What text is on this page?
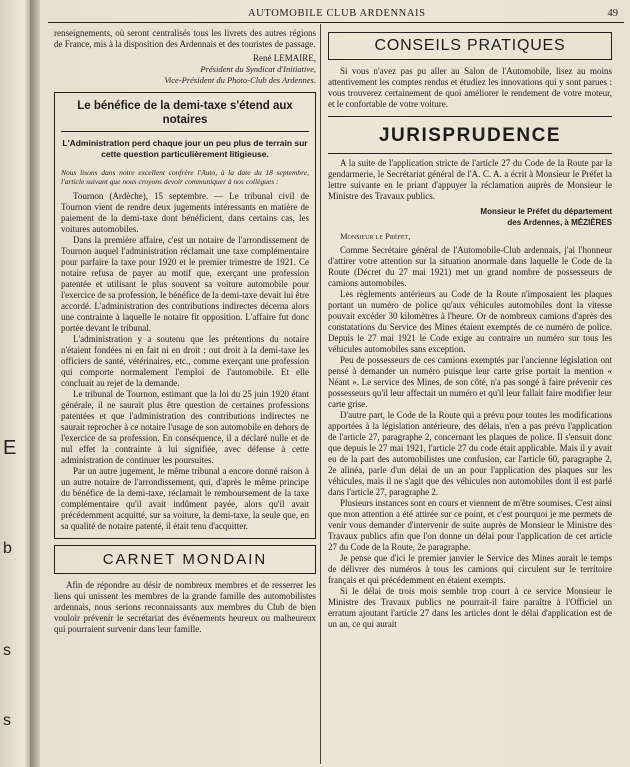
E
b
s
s
AUTOMOBILE CLUB ARDENNAIS	49

renseignements, où seront centralisés tous les livrets des autres régions de France, mis à la disposition des Ardennais et des touristes de passage.

René LEMAIRE,

Président du Syndicat d'Initiative,

Vice-Président du Photo-Club des Ardennes.

Le bénéfice de la demi-taxe s'étend aux notaires
L'Administration perd chaque jour un peu plus de terrain sur cette question particulièrement litigieuse.

Nous lisons dans notre excellent confrère l'Auto, à la date du 18 septembre, l'article suivant que nous croyons devoir communiquer à nos collègues :

Tournon (Ardèche), 15 septembre. — Le tribunal civil de Tournon vient de rendre deux jugements intéressants en matière de paiement de la demi-taxe dont bénéficient, dans certains cas, les voitures automobiles.

Dans la première affaire, c'est un notaire de l'arrondissement de Tournon auquel l'administration réclamait une taxe complémentaire pour parfaire la taxe pour 1920 et le premier trimestre de 1921. Ce notaire refusa de payer au motif que, exerçant une profession patentée et utilisant le plus souvent sa voiture automobile pour l'exercice de sa profession, le bénéfice de la demi-taxe devait lui être accordé. L'administration des contributions indirectes décerna alors une contrainte à laquelle le notaire fit opposition. L'affaire fut donc portée devant le tribunal.

L'administration y a soutenu que les prétentions du notaire n'étaient fondées ni en fait ni en droit ; out droit à la demi-taxe les officiers de santé, vétérinaires, etc., comme exerçant une profession qui comporte normalement l'emploi de l'automobile. Et elle concluait au rejet de la demande.

Le tribunal de Tournon, estimant que la loi du 25 juin 1920 étant générale, il ne saurait plus être question de certaines professions patentées et que l'administration des contributions indirectes ne saurait reprocher à ce notaire l'usage de son automobile en dehors de l'exercice de sa profession. En conséquence, il a déclaré nulle et de nul effet la contrainte à lui signifiée, avec défense à cette administration de continuer les poursuites.

Par un autre jugement, le même tribunal a encore donné raison à un autre notaire de l'arrondissement, qui, d'après le même principe du bénéfice de la demi-taxe, réclamait le remboursement de la taxe complémentaire qu'il avait indûment payée, alors qu'il avait précédemment acquitté, sur sa voiture, la demi-taxe, la seule que, en sa qualité de notaire patenté, il était tenu d'acquitter.

CARNET MONDAIN

Afin de répondre au désir de nombreux membres et de resserrer les liens qui unissent les membres de la grande famille des automobilistes ardennais, nous serions reconnaissants aux membres du Club de bien vouloir prévenir le secrétariat des événements heureux ou malheureux qui pourraient survenir dans leur famille.

CONSEILS PRATIQUES

Si vous n'avez pas pu aller au Salon de l'Automobile, lisez au moins attentivement les comptes rendus et étudiez les innovations qui y sont parues : vous trouverez certainement de quoi améliorer le rendement de votre moteur, et le confortable de votre voiture.

JURISPRUDENCE

A la suite de l'application stricte de l'article 27 du Code de la Route par la gendarmerie, le Secrétariat général de l'A. C. A. a écrit à Monsieur le Préfet la lettre suivante en le priant d'appuyer la réclamation auprès de Monsieur le Ministre des Travaux publics.

Monsieur le Préfet du département

des Ardennes, à MÉZIÈRES

Monsieur le Préfet,

Comme Secrétaire général de l'Automobile-Club ardennais, j'ai l'honneur d'attirer votre attention sur la situation anormale dans laquelle le Code de la Route (Décret du 27 mai 1921) met un grand nombre de possesseurs de camions automobiles.

Les règlements antérieurs au Code de la Route n'imposaient les plaques portant un numéro de police qu'aux véhicules automobiles dont la vitesse pouvait excéder 30 kilomètres à l'heure. Or de nombreux camions d'après des constatations du Service des Mines étaient exemptés de ce numéro de police. Depuis le 27 mai 1921 le Code exige au contraire un numéro sur tous les véhicules automobiles sans exception.

Peu de possesseurs de ces camions exemptés par l'ancienne législation ont pensé à demander un numéro puisque leur carte grise portait la mention « Néant ». Le service des Mines, de son côté, n'a pas songé à faire prévenir ces possesseurs qu'il leur affectait un numéro et qu'il leur fallait faire modifier leur carte grise.

D'autre part, le Code de la Route qui a prévu pour toutes les modifications apportées à la législation antérieure, des délais, n'en a pas prévu l'application de l'article 27, paragraphe 2, concernant les plaques de police. Il s'ensuit donc que depuis le 27 mai 1921, l'article 27 du code était applicable. Mais il y avait eu de la part des automobilistes une confusion, car l'article 60, paragraphe 2, 2e alinéa, parle d'un délai de un an pour l'application des plaques sur les véhicules, mais il ne s'agit que des véhicules non automobiles dont il est parlé dans l'article 27, paragraphe 2.

Plusieurs instances sont en cours et viennent de m'être soumises. C'est ainsi que mon attention a été attirée sur ce point, et c'est pourquoi je me permets de venir vous demander d'intervenir de suite auprès de Monsieur le Ministre des Travaux publics afin que l'on donne un délai pour l'application de cet article 27 du Code de la Route, 2e paragraphe.

Je pense que d'ici le premier janvier le Service des Mines aurait le temps de délivrer des numéros à tous les camions qui circulent sur le territoire français et qui précédemment en étaient exempts.

Si le délai de trois mois semble trop court à ce service Monsieur le Ministre des Travaux publics ne pourrait-il faire paraître à l'Officiel un erratum ajoutant l'article 27 dans les articles dont le délai d'application est de un an, ce qui aurait
